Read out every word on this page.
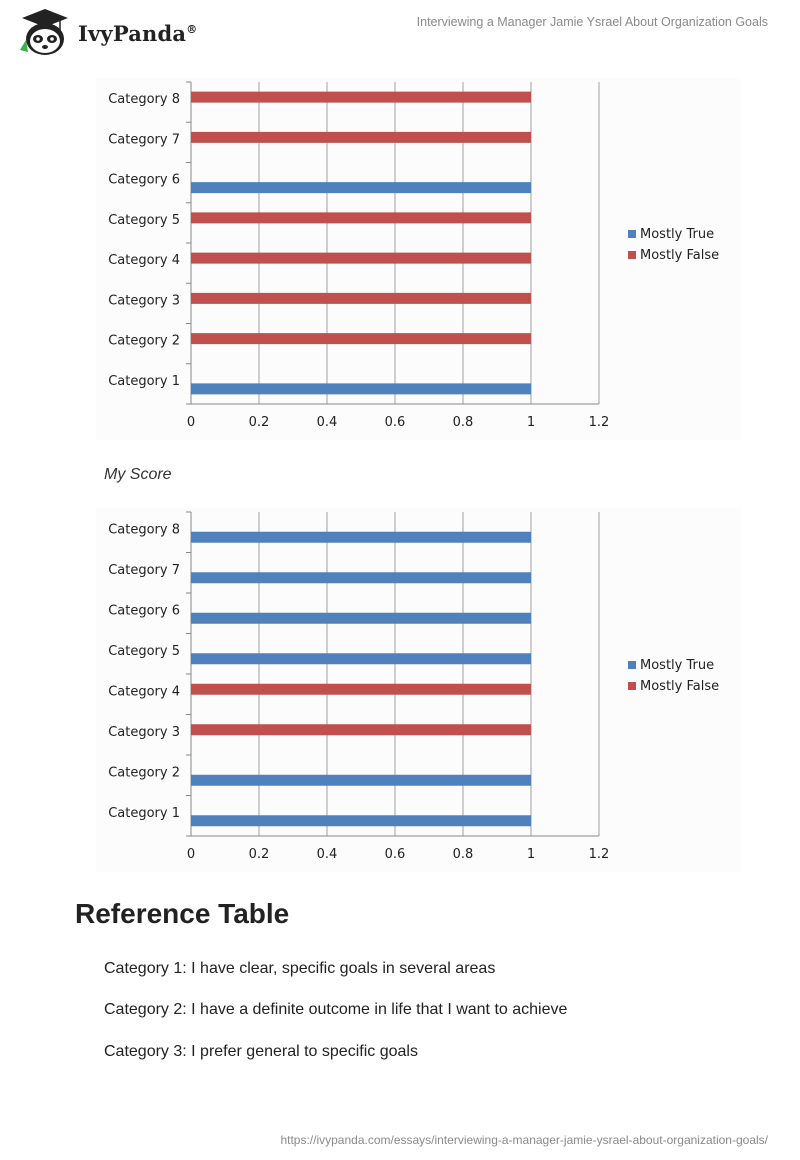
IvyPanda®	Interviewing a Manager Jamie Ysrael About Organization Goals
0	0.2	0.4	0.6	0.8	1	1.2
Category 1
Category 2
Category 3
Category 4
Category 5
Category 6
Category 7
Category 8
Mostly True
Mostly False
My Score
0	0.2	0.4	0.6	0.8	1	1.2
Category 1
Category 2
Category 3
Category 4
Category 5
Category 6
Category 7
Category 8
Mostly True
Mostly False
Reference Table
Category 1: I have clear, specific goals in several areas
Category 2: I have a definite outcome in life that I want to achieve
Category 3: I prefer general to specific goals
https://ivypanda.com/essays/interviewing-a-manager-jamie-ysrael-about-organization-goals/
